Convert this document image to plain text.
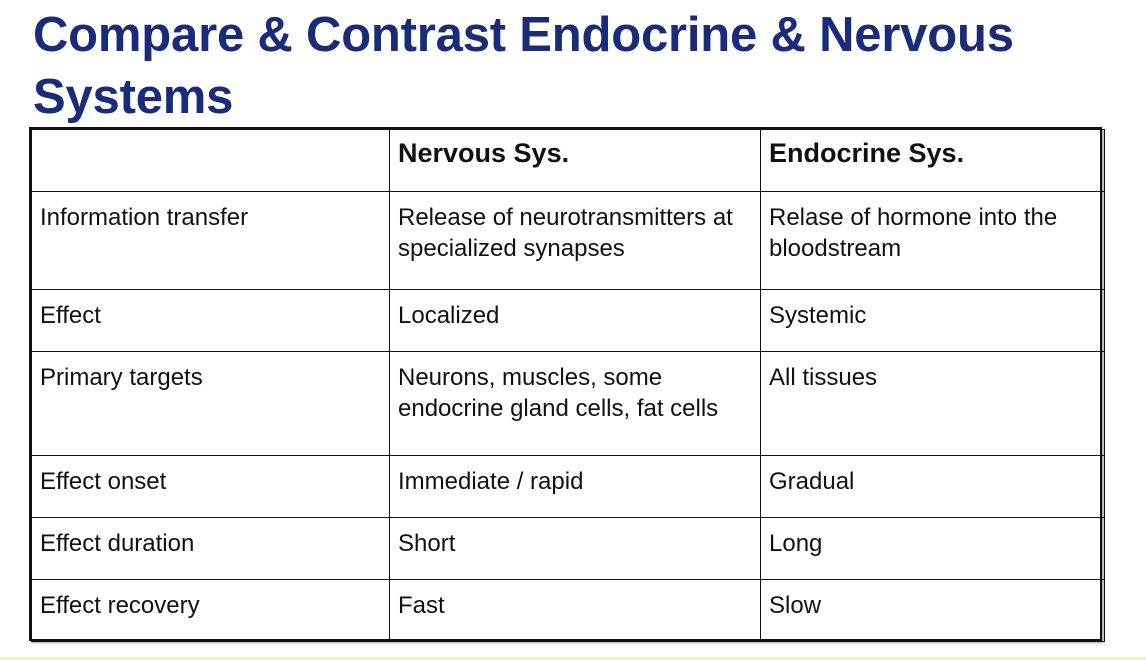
Compare & Contrast Endocrine & Nervous Systems
	Nervous Sys.	Endocrine Sys.
Information transfer	Release of neurotransmitters at specialized synapses	Relase of hormone into the bloodstream
Effect	Localized	Systemic
Primary targets	Neurons, muscles, some endocrine gland cells, fat cells	All tissues
Effect onset	Immediate / rapid	Gradual
Effect duration	Short	Long
Effect recovery	Fast	Slow
